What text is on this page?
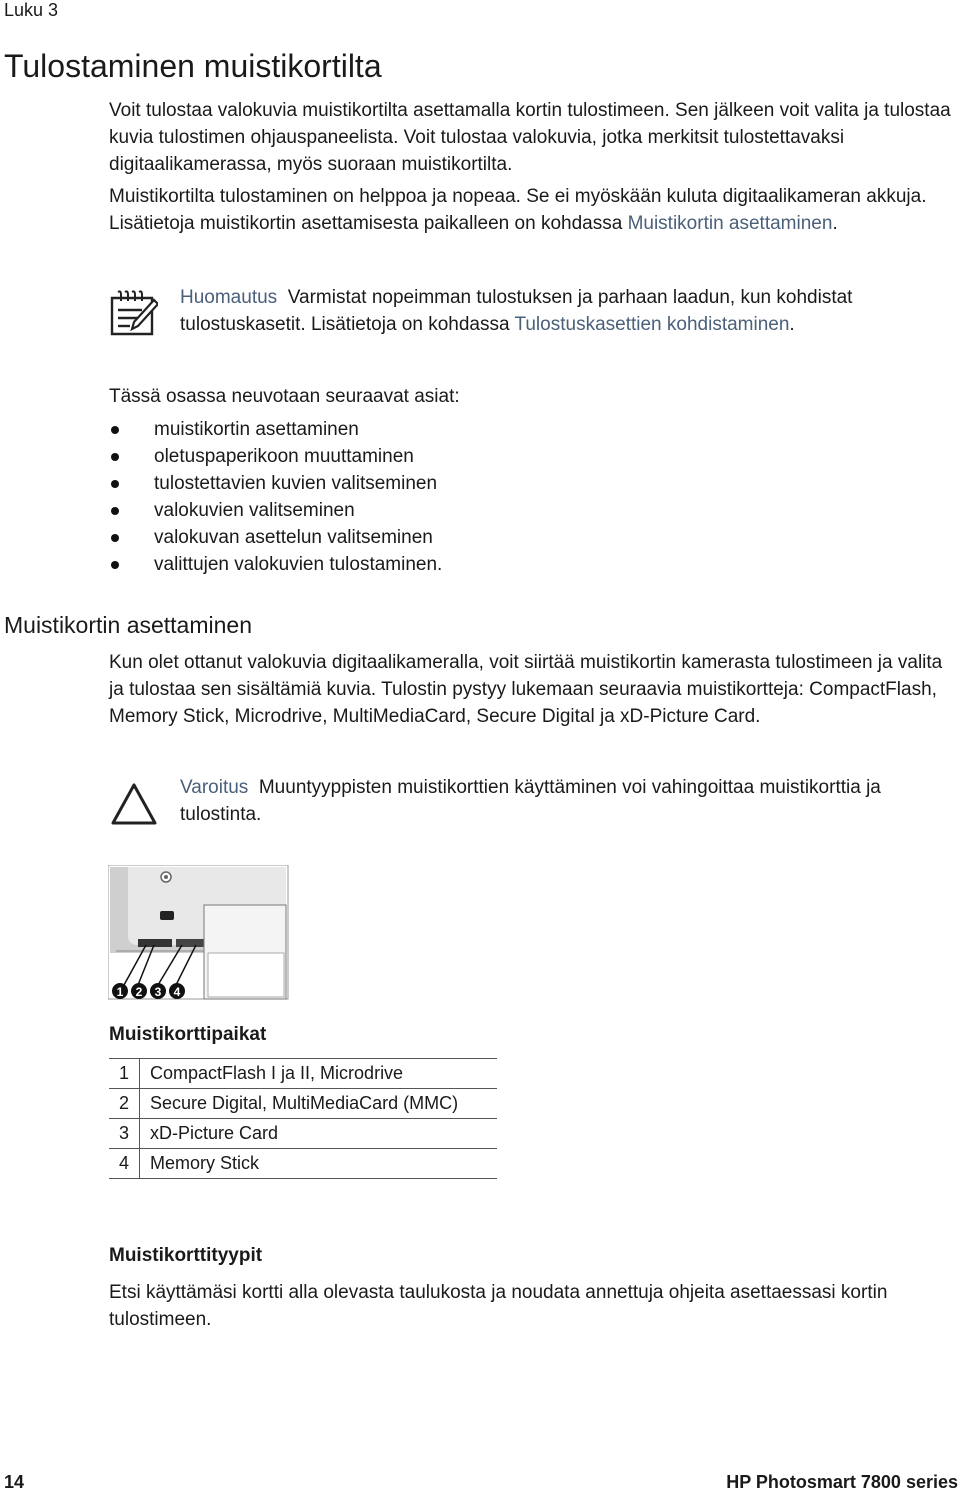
Luku 3
Tulostaminen muistikortilta
Voit tulostaa valokuvia muistikortilta asettamalla kortin tulostimeen. Sen jälkeen voit valita ja tulostaa kuvia tulostimen ohjauspaneelista. Voit tulostaa valokuvia, jotka merkitsit tulostettavaksi digitaalikamerassa, myös suoraan muistikortilta.
Muistikortilta tulostaminen on helppoa ja nopeaa. Se ei myöskään kuluta digitaalikameran akkuja. Lisätietoja muistikortin asettamisesta paikalleen on kohdassa Muistikortin asettaminen.
Huomautus Varmistat nopeimman tulostuksen ja parhaan laadun, kun kohdistat tulostuskasetit. Lisätietoja on kohdassa Tulostuskasettien kohdistaminen.
Tässä osassa neuvotaan seuraavat asiat:
muistikortin asettaminen
oletuspaperikoon muuttaminen
tulostettavien kuvien valitseminen
valokuvien valitseminen
valokuvan asettelun valitseminen
valittujen valokuvien tulostaminen.
Muistikortin asettaminen
Kun olet ottanut valokuvia digitaalikameralla, voit siirtää muistikortin kamerasta tulostimeen ja valita ja tulostaa sen sisältämiä kuvia. Tulostin pystyy lukemaan seuraavia muistikortteja: CompactFlash, Memory Stick, Microdrive, MultiMediaCard, Secure Digital ja xD-Picture Card.
Varoitus Muuntyyppisten muistikorttien käyttäminen voi vahingoittaa muistikorttia ja tulostinta.
1 2 3 4
Muistikorttipaikat
1	CompactFlash I ja II, Microdrive
2	Secure Digital, MultiMediaCard (MMC)
3	xD-Picture Card
4	Memory Stick
Muistikorttityypit
Etsi käyttämäsi kortti alla olevasta taulukosta ja noudata annettuja ohjeita asettaessasi kortin tulostimeen.
14	HP Photosmart 7800 series
